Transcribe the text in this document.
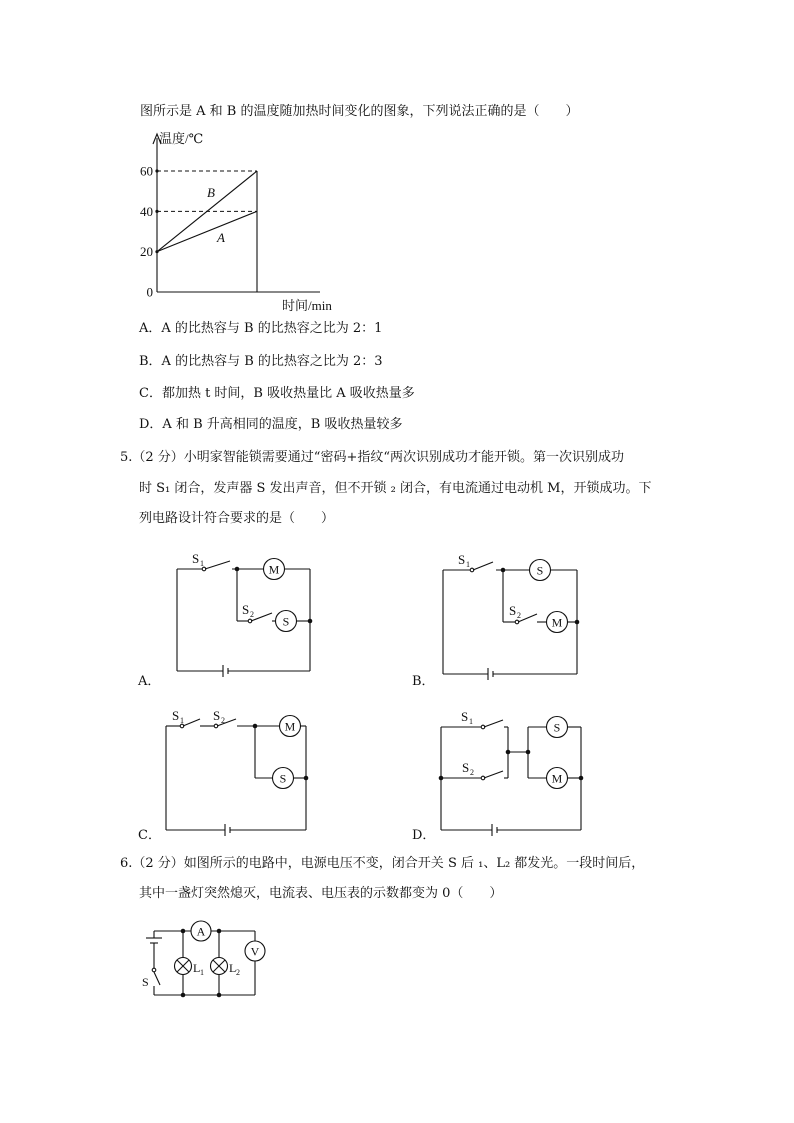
图所示是 A 和 B 的温度随加热时间变化的图象，下列说法正确的是（　　）
0
20
40
60
温度/℃
时间/min
B
A
A．A 的比热容与 B 的比热容之比为 2：1
B．A 的比热容与 B 的比热容之比为 2：3
C．都加热 t 时间，B 吸收热量比 A 吸收热量多
D．A 和 B 升高相同的温度，B 吸收热量较多
5.（2 分）小明家智能锁需要通过“密码+指纹“两次识别成功才能开锁。第一次识别成功
时 S₁ 闭合，发声器 S 发出声音，但不开锁 ₂ 闭合，有电流通过电动机 M，开锁成功。下
列电路设计符合要求的是（　　）
A．	B．
C．	D．
M
S
S 1
S 2
S
M
S 1
S 2
M
S
S 1 S 2	S
M
S 1
S 2
6.（2 分）如图所示的电路中，电源电压不变，闭合开关 S 后 ₁、L₂ 都发光。一段时间后，
其中一盏灯突然熄灭，电流表、电压表的示数都变为 0（　　）
A
V
L 1 L 2
S
